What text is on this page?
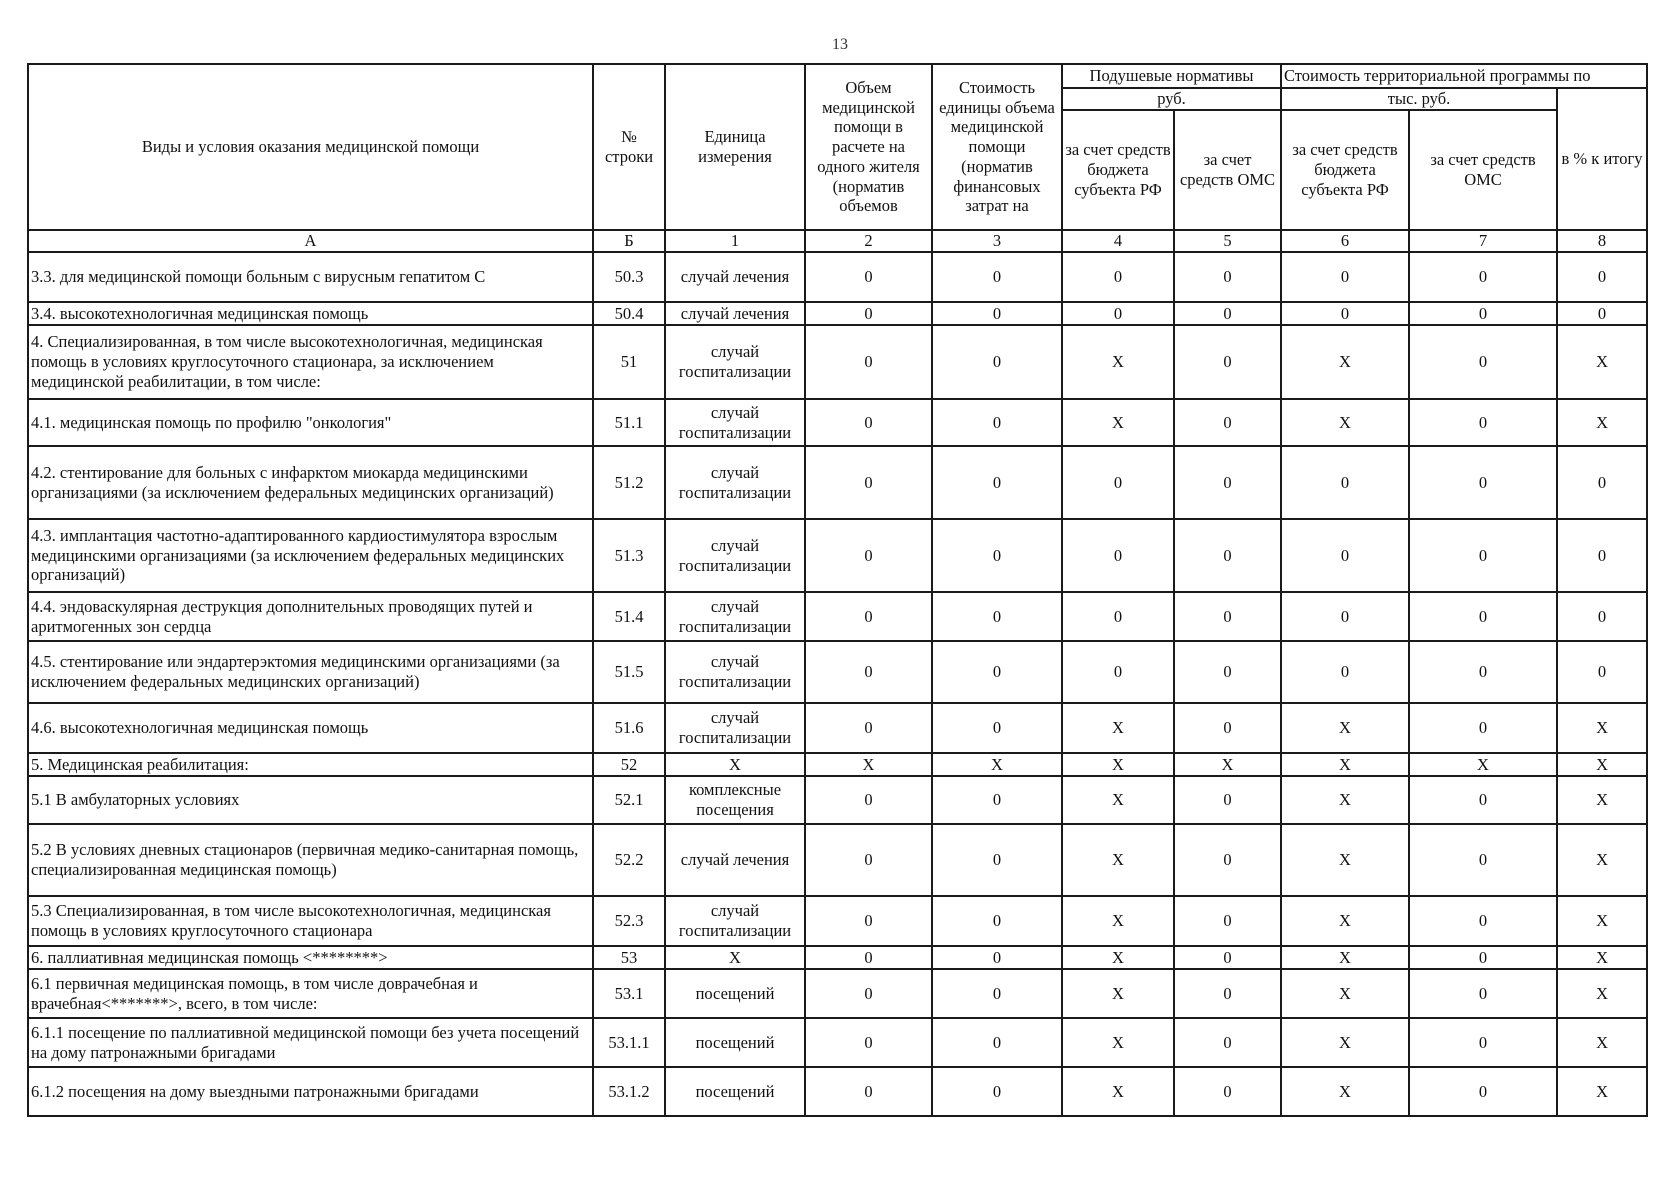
13
Виды и условия оказания медицинской помощи	№ строки	Единица измерения	Объем медицинской помощи в расчете на одного жителя (норматив объемов	Стоимость единицы объема медицинской помощи (норматив финансовых затрат на	Подушевые нормативы		Стоимость территориальной программы по		
					руб.		тыс. руб.		в % к итогу
					за счет средств бюджета субъекта РФ	за счет средств ОМС	за счет средств бюджета субъекта РФ	за счет средств ОМС	
А	Б	1	2	3	4	5	6	7	8
3.3. для медицинской помощи больным с вирусным гепатитом С	50.3	случай лечения	0	0	0	0	0	0	0
3.4. высокотехнологичная медицинская помощь	50.4	случай лечения	0	0	0	0	0	0	0
4. Специализированная, в том числе высокотехнологичная, медицинская помощь в условиях круглосуточного стационара, за исключением медицинской реабилитации, в том числе:	51	случай госпитализации	0	0	X	0	X	0	X
4.1. медицинская помощь по профилю "онкология"	51.1	случай госпитализации	0	0	X	0	X	0	X
4.2. стентирование для больных с инфарктом миокарда медицинскими организациями (за исключением федеральных медицинских организаций)	51.2	случай госпитализации	0	0	0	0	0	0	0
4.3. имплантация частотно-адаптированного кардиостимулятора взрослым медицинскими организациями (за исключением федеральных медицинских организаций)	51.3	случай госпитализации	0	0	0	0	0	0	0
4.4. эндоваскулярная деструкция дополнительных проводящих путей и аритмогенных зон сердца	51.4	случай госпитализации	0	0	0	0	0	0	0
4.5. стентирование или эндартерэктомия медицинскими организациями (за исключением федеральных медицинских организаций)	51.5	случай госпитализации	0	0	0	0	0	0	0
4.6. высокотехнологичная медицинская помощь	51.6	случай госпитализации	0	0	X	0	X	0	X
5. Медицинская реабилитация:	52	X	X	X	X	X	X	X	X
5.1 В амбулаторных условиях	52.1	комплексные посещения	0	0	X	0	X	0	X
5.2 В условиях дневных стационаров (первичная медико-санитарная помощь, специализированная медицинская помощь)	52.2	случай лечения	0	0	X	0	X	0	X
5.3 Специализированная, в том числе высокотехнологичная, медицинская помощь в условиях круглосуточного стационара	52.3	случай госпитализации	0	0	X	0	X	0	X
6. паллиативная медицинская помощь <********>	53	X	0	0	X	0	X	0	X
6.1 первичная медицинская помощь, в том числе доврачебная и врачебная<*******>, всего, в том числе:	53.1	посещений	0	0	X	0	X	0	X
6.1.1 посещение по паллиативной медицинской помощи без учета посещений на дому патронажными бригадами	53.1.1	посещений	0	0	X	0	X	0	X
6.1.2 посещения на дому выездными патронажными бригадами	53.1.2	посещений	0	0	X	0	X	0	X
